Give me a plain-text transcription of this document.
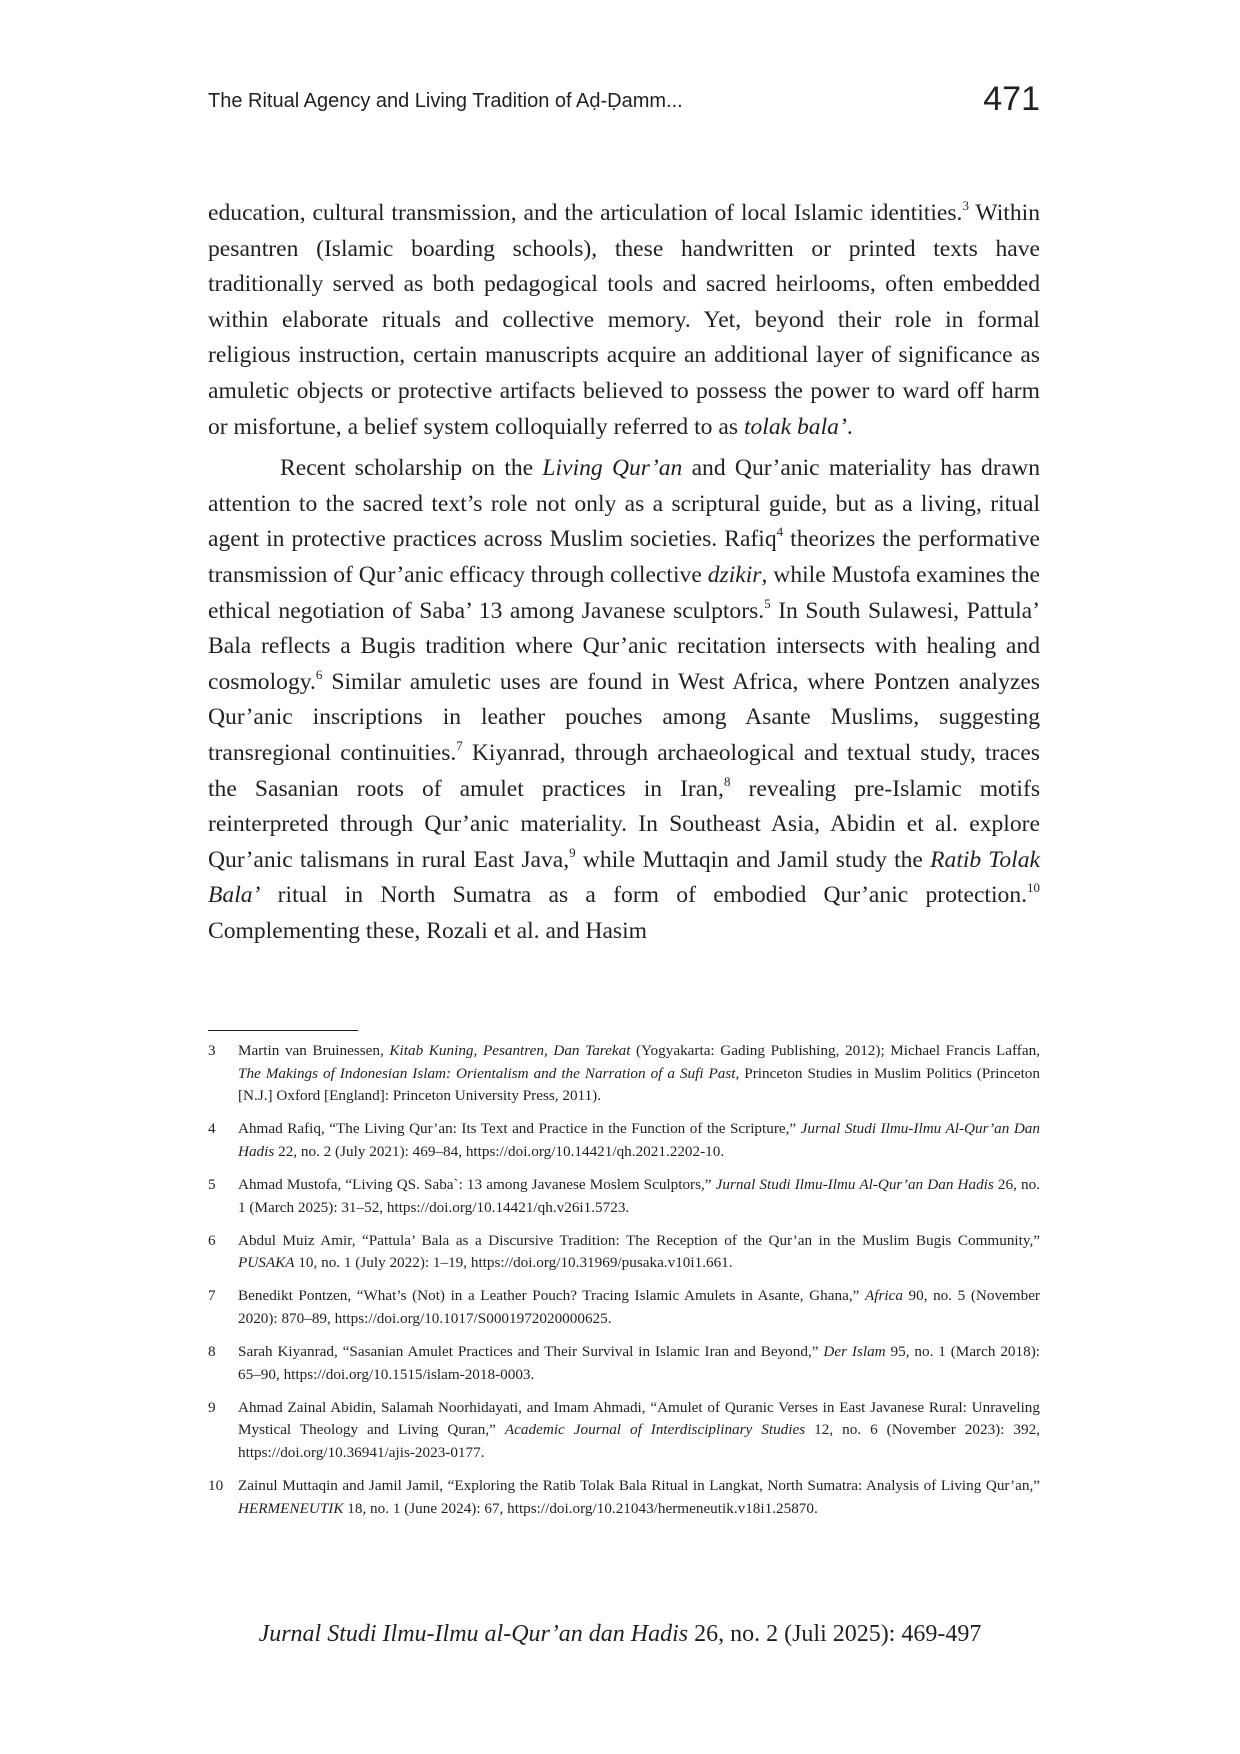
The Ritual Agency and Living Tradition of Aḍ-Ḍamm...	471

education, cultural transmission, and the articulation of local Islamic identities.$^3$ Within pesantren (Islamic boarding schools), these handwritten or printed texts have traditionally served as both pedagogical tools and sacred heirlooms, often embedded within elaborate rituals and collective memory. Yet, beyond their role in formal religious instruction, certain manuscripts acquire an additional layer of significance as amuletic objects or protective artifacts believed to possess the power to ward off harm or misfortune, a belief system colloquially referred to as tolak bala’.

Recent scholarship on the Living Qur’an and Qur’anic materiality has drawn attention to the sacred text’s role not only as a scriptural guide, but as a living, ritual agent in protective practices across Muslim societies. Rafiq$^4$ theorizes the performative transmission of Qur’anic efficacy through collective dzikir, while Mustofa examines the ethical negotiation of Saba’ 13 among Javanese sculptors.$^5$ In South Sulawesi, Pattula’ Bala reflects a Bugis tradition where Qur’anic recitation intersects with healing and cosmology.$^6$ Similar amuletic uses are found in West Africa, where Pontzen analyzes Qur’anic inscriptions in leather pouches among Asante Muslims, suggesting transregional continuities.$^7$ Kiyanrad, through archaeological and textual study, traces the Sasanian roots of amulet practices in Iran,$^8$ revealing pre-Islamic motifs reinterpreted through Qur’anic materiality. In Southeast Asia, Abidin et al. explore Qur’anic talismans in rural East Java,$^9$ while Muttaqin and Jamil study the Ratib Tolak Bala’ ritual in North Sumatra as a form of embodied Qur’anic protection.$^{10}$ Complementing these, Rozali et al. and Hasim

3 Martin van Bruinessen, Kitab Kuning, Pesantren, Dan Tarekat (Yogyakarta: Gading Publishing, 2012); Michael Francis Laffan, The Makings of Indonesian Islam: Orientalism and the Narration of a Sufi Past, Princeton Studies in Muslim Politics (Princeton [N.J.] Oxford [England]: Princeton University Press, 2011).
4 Ahmad Rafiq, “The Living Qur’an: Its Text and Practice in the Function of the Scripture,” Jurnal Studi Ilmu-Ilmu Al-Qur’an Dan Hadis 22, no. 2 (July 2021): 469–84, https://doi.org/10.14421/qh.2021.2202-10.
5 Ahmad Mustofa, “Living QS. Saba`: 13 among Javanese Moslem Sculptors,” Jurnal Studi Ilmu-Ilmu Al-Qur’an Dan Hadis 26, no. 1 (March 2025): 31–52, https://doi.org/10.14421/qh.v26i1.5723.
6 Abdul Muiz Amir, “Pattula’ Bala as a Discursive Tradition: The Reception of the Qur’an in the Muslim Bugis Community,” PUSAKA 10, no. 1 (July 2022): 1–19, https://doi.org/10.31969/pusaka.v10i1.661.
7 Benedikt Pontzen, “What’s (Not) in a Leather Pouch? Tracing Islamic Amulets in Asante, Ghana,” Africa 90, no. 5 (November 2020): 870–89, https://doi.org/10.1017/S0001972020000625.
8 Sarah Kiyanrad, “Sasanian Amulet Practices and Their Survival in Islamic Iran and Beyond,” Der Islam 95, no. 1 (March 2018): 65–90, https://doi.org/10.1515/islam-2018-0003.
9 Ahmad Zainal Abidin, Salamah Noorhidayati, and Imam Ahmadi, “Amulet of Quranic Verses in East Javanese Rural: Unraveling Mystical Theology and Living Quran,” Academic Journal of Interdisciplinary Studies 12, no. 6 (November 2023): 392, https://doi.org/10.36941/ajis-2023-0177.
10 Zainul Muttaqin and Jamil Jamil, “Exploring the Ratib Tolak Bala Ritual in Langkat, North Sumatra: Analysis of Living Qur’an,” HERMENEUTIK 18, no. 1 (June 2024): 67, https://doi.org/10.21043/hermeneutik.v18i1.25870.
Jurnal Studi Ilmu-Ilmu al-Qur’an dan Hadis 26, no. 2 (Juli 2025): 469-497
